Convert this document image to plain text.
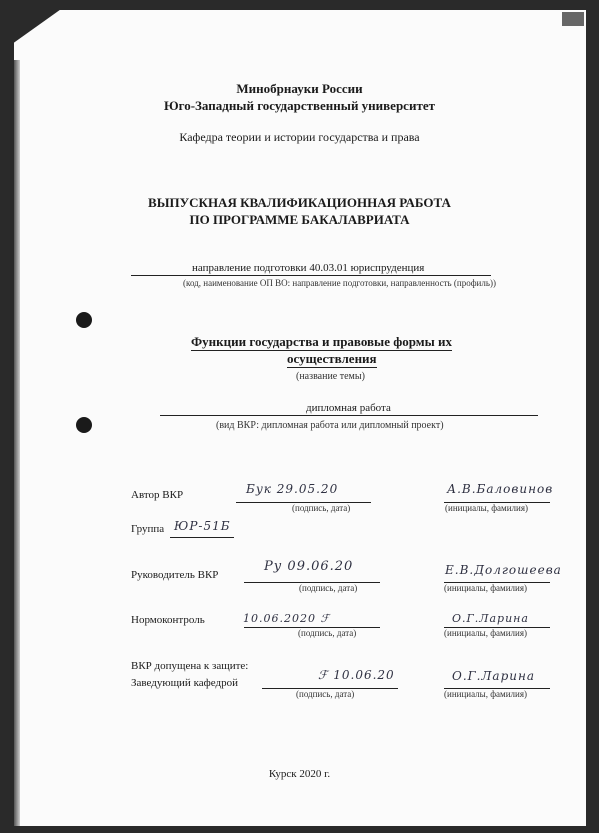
Минобрнауки России
Юго-Западный государственный университет
Кафедра теории и истории государства и права
ВЫПУСКНАЯ КВАЛИФИКАЦИОННАЯ РАБОТА
ПО ПРОГРАММЕ БАКАЛАВРИАТА
направление подготовки 40.03.01 юриспруденция
(код, наименование ОП ВО: направление подготовки, направленность (профиль))
Функции государства и правовые формы их
осуществления
(название темы)
дипломная работа
(вид ВКР: дипломная работа или дипломный проект)
Автор ВКР	Бук 29.05.20
(подпись, дата)
А.В.Баловинов
(инициалы, фамилия)
Группа ЮР-51Б
Руководитель ВКР
Ру 09.06.20
(подпись, дата)
Е.В.Долгошеева
(инициалы, фамилия)
Нормоконтроль	10.06.2020 ℱ
(подпись, дата)
О.Г.Ларина
(инициалы, фамилия)
ВКР допущена к защите:
Заведующий кафедрой
ℱ 10.06.20
(подпись, дата)
О.Г.Ларина
(инициалы, фамилия)
Курск 2020 г.
